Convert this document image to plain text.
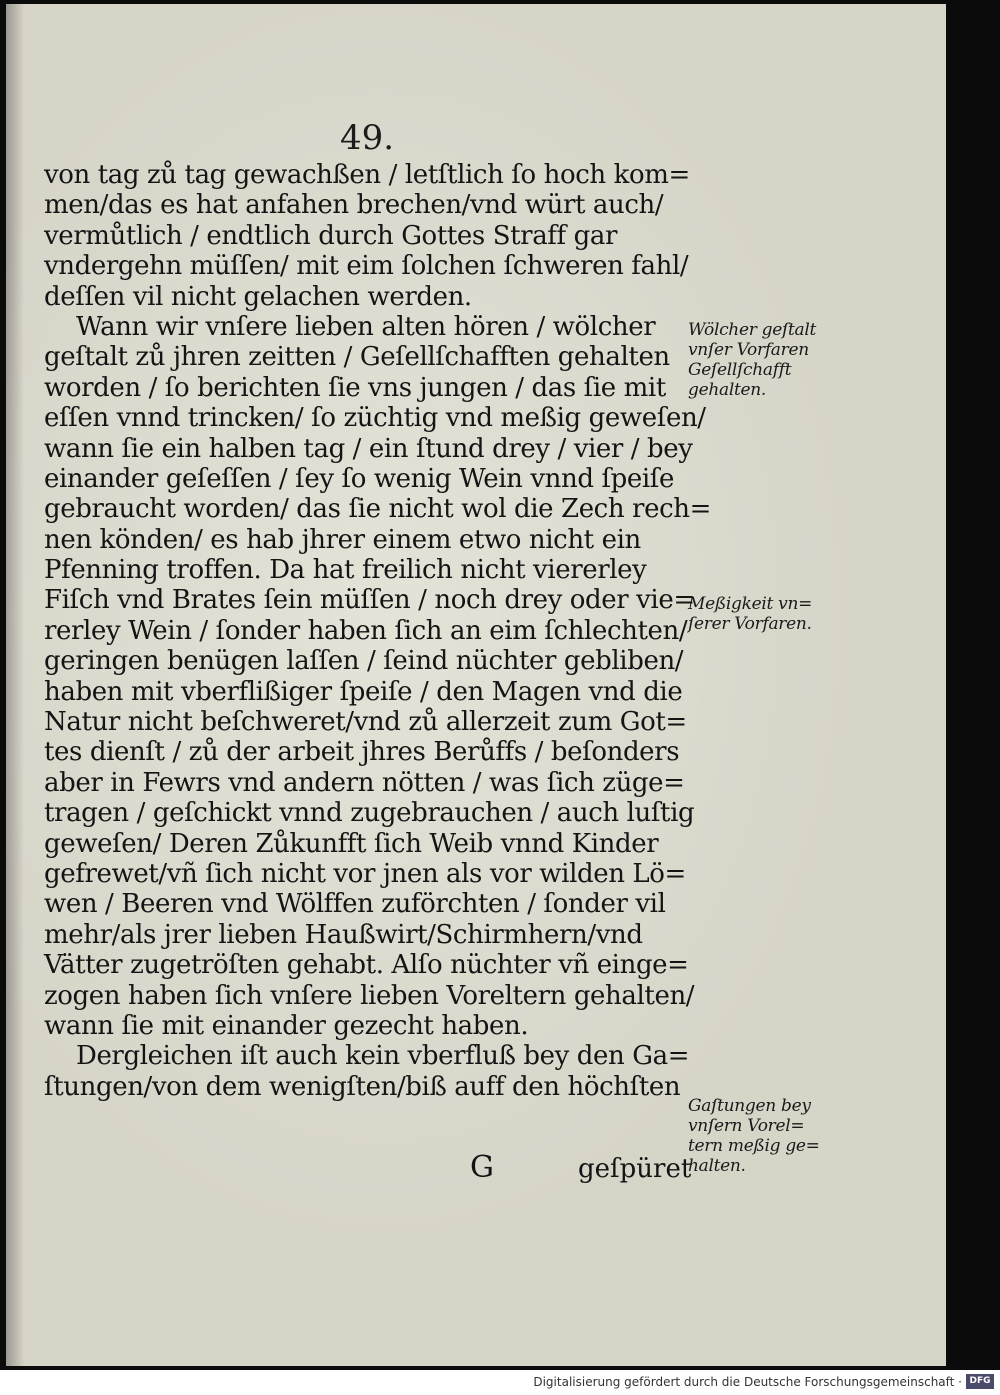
49.
von tag zů tag gewachßen / letſtlich ſo hoch kom=
men/das es hat anfahen brechen/vnd würt auch/
vermůtlich / endtlich durch Gottes Straff gar
vndergehn müſſen/ mit eim ſolchen ſchweren fahl/
deſſen vil nicht gelachen werden.
Wann wir vnſere lieben alten hören / wölcher
geſtalt zů jhren zeitten / Geſellſchafften gehalten
worden / ſo berichten ſie vns jungen / das ſie mit
eſſen vnnd trincken/ ſo züchtig vnd meßig geweſen/
wann ſie ein halben tag / ein ſtund drey / vier / bey
einander geſeſſen / ſey ſo wenig Wein vnnd ſpeiſe
gebraucht worden/ das ſie nicht wol die Zech rech=
nen könden/ es hab jhrer einem etwo nicht ein
Pfenning troffen. Da hat freilich nicht viererley
Fiſch vnd Brates ſein müſſen / noch drey oder vie=
rerley Wein / ſonder haben ſich an eim ſchlechten/
geringen benügen laſſen / ſeind nüchter gebliben/
haben mit vberflißiger ſpeiſe / den Magen vnd die
Natur nicht beſchweret/vnd zů allerzeit zum Got=
tes dienſt / zů der arbeit jhres Berůffs / beſonders
aber in Fewrs vnd andern nötten / was ſich züge=
tragen / geſchickt vnnd zugebrauchen / auch luſtig
geweſen/ Deren Zůkunfft ſich Weib vnnd Kinder
gefrewet/vñ ſich nicht vor jnen als vor wilden Lö=
wen / Beeren vnd Wölffen zuförchten / ſonder vil
mehr/als jrer lieben Haußwirt/Schirmhern/vnd
Vätter zugetröſten gehabt. Alſo nüchter vñ einge=
zogen haben ſich vnſere lieben Voreltern gehalten/
wann ſie mit einander gezecht haben.
Dergleichen iſt auch kein vberfluß bey den Ga=
ſtungen/von dem wenigſten/biß auff den höchſten
Wölcher geſtalt
vnſer Vorfaren
Geſellſchafft
gehalten.
Meßigkeit vn=
ſerer Vorfaren.
Gaſtungen bey
vnſern Vorel=
tern meßig ge=
halten.
G	geſpüret
Digitalisierung gefördert durch die Deutsche Forschungsgemeinschaft · DFG
